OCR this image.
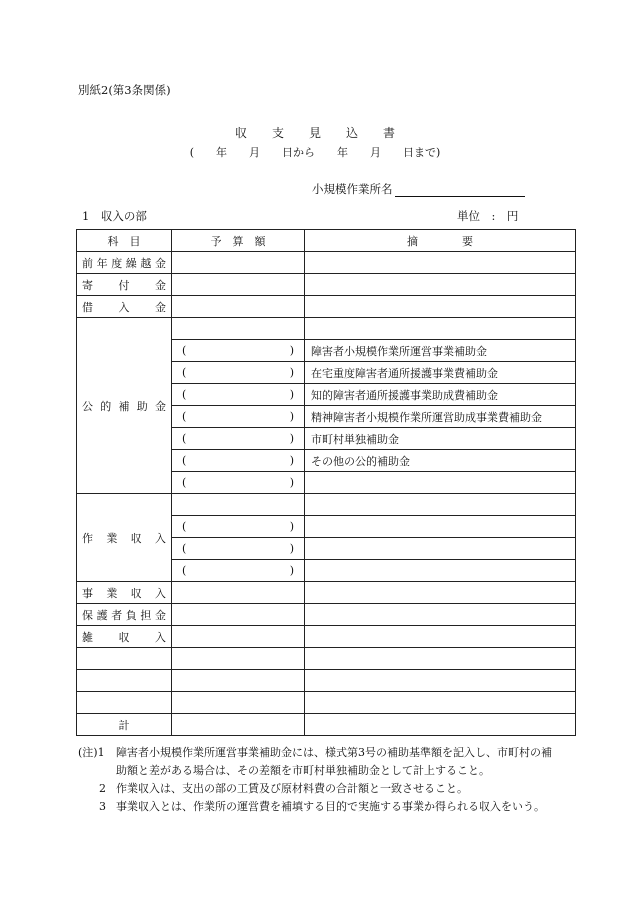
別紙2(第3条関係)
収支見込書
(　　年　　月　　日から　　年　　月　　日まで)
小規模作業所名
1　収入の部	単位　:　円
科　目	予　算　額	摘　　　　要
前年度繰越金		
寄付金		
借入金		
公的補助金		

	( )	障害者小規模作業所運営事業補助金

	( )	在宅重度障害者通所援護事業費補助金

	( )	知的障害者通所援護事業助成費補助金

	( )	精神障害者小規模作業所運営助成事業費補助金

	( )	市町村単独補助金

	( )	その他の公的補助金

	( )	

作業収入		

	( )	

	( )	

	( )	

事業収入		
保護者負担金		
雑収入		

計		
(注)1	障害者小規模作業所運営事業補助金には、様式第3号の補助基準額を記入し、市町村の補助額と差がある場合は、その差額を市町村単独補助金として計上すること。
2 作業収入は、支出の部の工賃及び原材料費の合計額と一致させること。
3 事業収入とは、作業所の運営費を補填する目的で実施する事業か得られる収入をいう。
